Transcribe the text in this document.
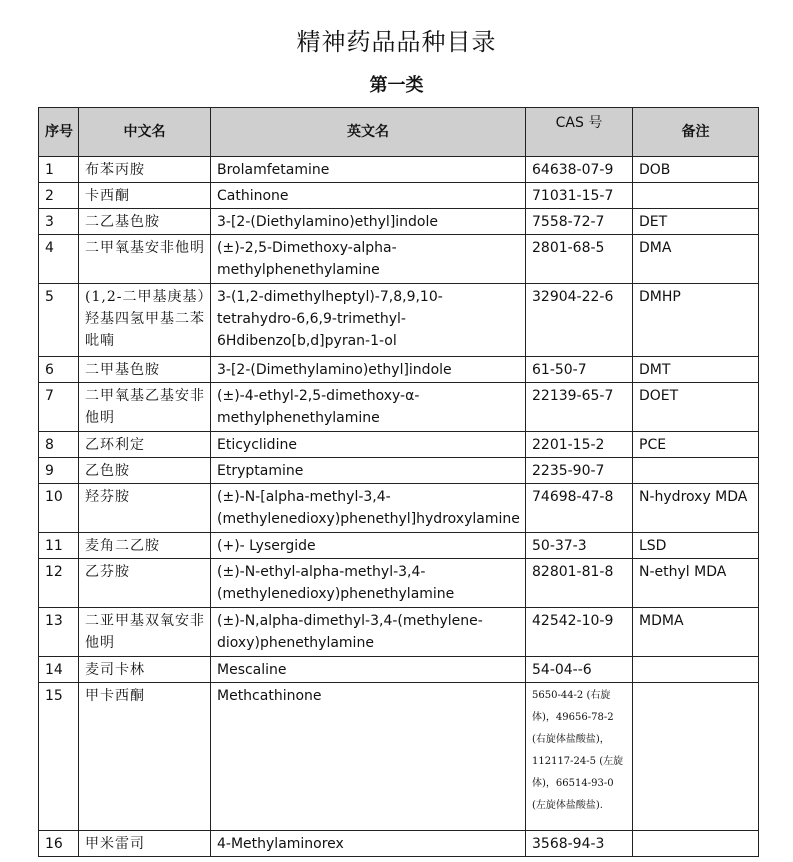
精神药品品种目录
第一类
序号	中文名	英文名	CAS 号	备注
1	布苯丙胺	Brolamfetamine	64638-07-9	DOB
2	卡西酮	Cathinone	71031-15-7	
3	二乙基色胺	3-[2-(Diethylamino)ethyl]indole	7558-72-7	DET
4	二甲氧基安非他明	(±)-2,5-Dimethoxy-alpha-methylphenethylamine	2801-68-5	DMA
5	(1,2-二甲基庚基）羟基四氢甲基二苯吡喃	3-(1,2-dimethylheptyl)-7,8,9,10-tetrahydro-6,6,9-trimethyl-6Hdibenzo[b,d]pyran-1-ol	32904-22-6	DMHP
6	二甲基色胺	3-[2-(Dimethylamino)ethyl]indole	61-50-7	DMT
7	二甲氧基乙基安非他明	(±)-4-ethyl-2,5-dimethoxy-α-methylphenethylamine	22139-65-7	DOET
8	乙环利定	Eticyclidine	2201-15-2	PCE
9	乙色胺	Etryptamine	2235-90-7	
10	羟芬胺	(±)-N-[alpha-methyl-3,4-(methylenedioxy)phenethyl]hydroxylamine	74698-47-8	N-hydroxy MDA
11	麦角二乙胺	(+)- Lysergide	50-37-3	LSD
12	乙芬胺	(±)-N-ethyl-alpha-methyl-3,4-(methylenedioxy)phenethylamine	82801-81-8	N-ethyl MDA
13	二亚甲基双氧安非他明	(±)-N,alpha-dimethyl-3,4-(methylene-dioxy)phenethylamine	42542-10-9	MDMA
14	麦司卡林	Mescaline	54-04--6	
15	甲卡西酮	Methcathinone	5650-44-2 (右旋体)，49656-78-2 (右旋体盐酸盐)，112117-24-5 (左旋体)，66514-93-0 (左旋体盐酸盐).	
16	甲米雷司	4-Methylaminorex	3568-94-3	
